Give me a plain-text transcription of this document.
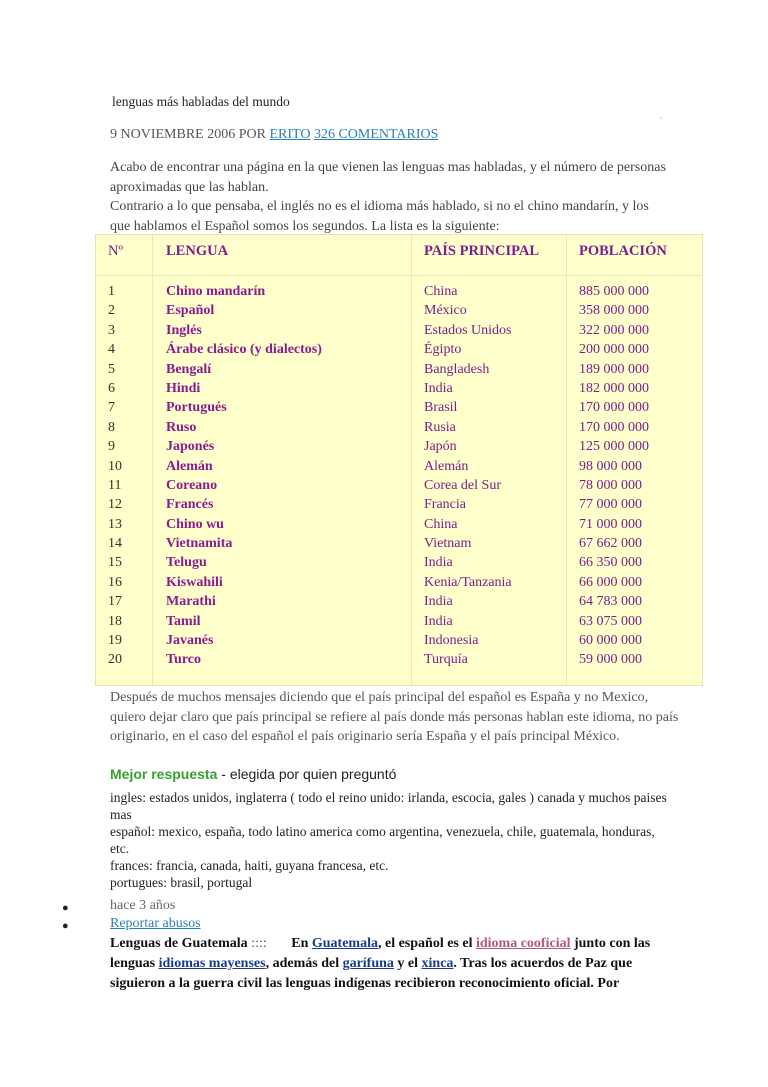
lenguas más habladas del mundo
9 NOVIEMBRE 2006 POR ERITO 326 COMENTARIOS

Acabo de encontrar una página en la que vienen las lenguas mas habladas, y el número de personas aproximadas que las hablan.

Contrario a lo que pensaba, el inglés no es el idioma más hablado, si no el chino mandarín, y los que hablamos el Español somos los segundos. La lista es la siguiente:

Nº	LENGUA	PAÍS PRINCIPAL	POBLACIÓN
1	Chino mandarín	China	885 000 000
2	Español	México	358 000 000
3	Inglés	Estados Unidos	322 000 000
4	Árabe clásico (y dialectos)	Égipto	200 000 000
5	Bengalí	Bangladesh	189 000 000
6	Hindi	India	182 000 000
7	Portugués	Brasil	170 000 000
8	Ruso	Rusia	170 000 000
9	Japonés	Japón	125 000 000
10	Alemán	Alemán	98 000 000
11	Coreano	Corea del Sur	78 000 000
12	Francés	Francia	77 000 000
13	Chino wu	China	71 000 000
14	Vietnamita	Vietnam	67 662 000
15	Telugu	India	66 350 000
16	Kiswahili	Kenia/Tanzania	66 000 000
17	Marathi	India	64 783 000
18	Tamil	India	63 075 000
19	Javanés	Indonesia	60 000 000
20	Turco	Turquía	59 000 000

Después de muchos mensajes diciendo que el país principal del español es España y no Mexico, quiero dejar claro que país principal se refiere al país donde más personas hablan este idioma, no país originario, en el caso del español el país originario sería España y el país principal México.

Mejor respuesta - elegida por quien preguntó

ingles: estados unidos, inglaterra ( todo el reino unido: irlanda, escocia, gales ) canada y muchos paises mas

español: mexico, españa, todo latino america como argentina, venezuela, chile, guatemala, honduras, etc.

frances: francia, canada, haiti, guyana francesa, etc.

portugues: brasil, portugal

●	hace 3 años
●	Reportar abusos
Lenguas de Guatemala :::: En Guatemala, el español es el idioma cooficial junto con las lenguas idiomas mayenses, además del garífuna y el xinca. Tras los acuerdos de Paz que siguieron a la guerra civil las lenguas indígenas recibieron reconocimiento oficial. Por
